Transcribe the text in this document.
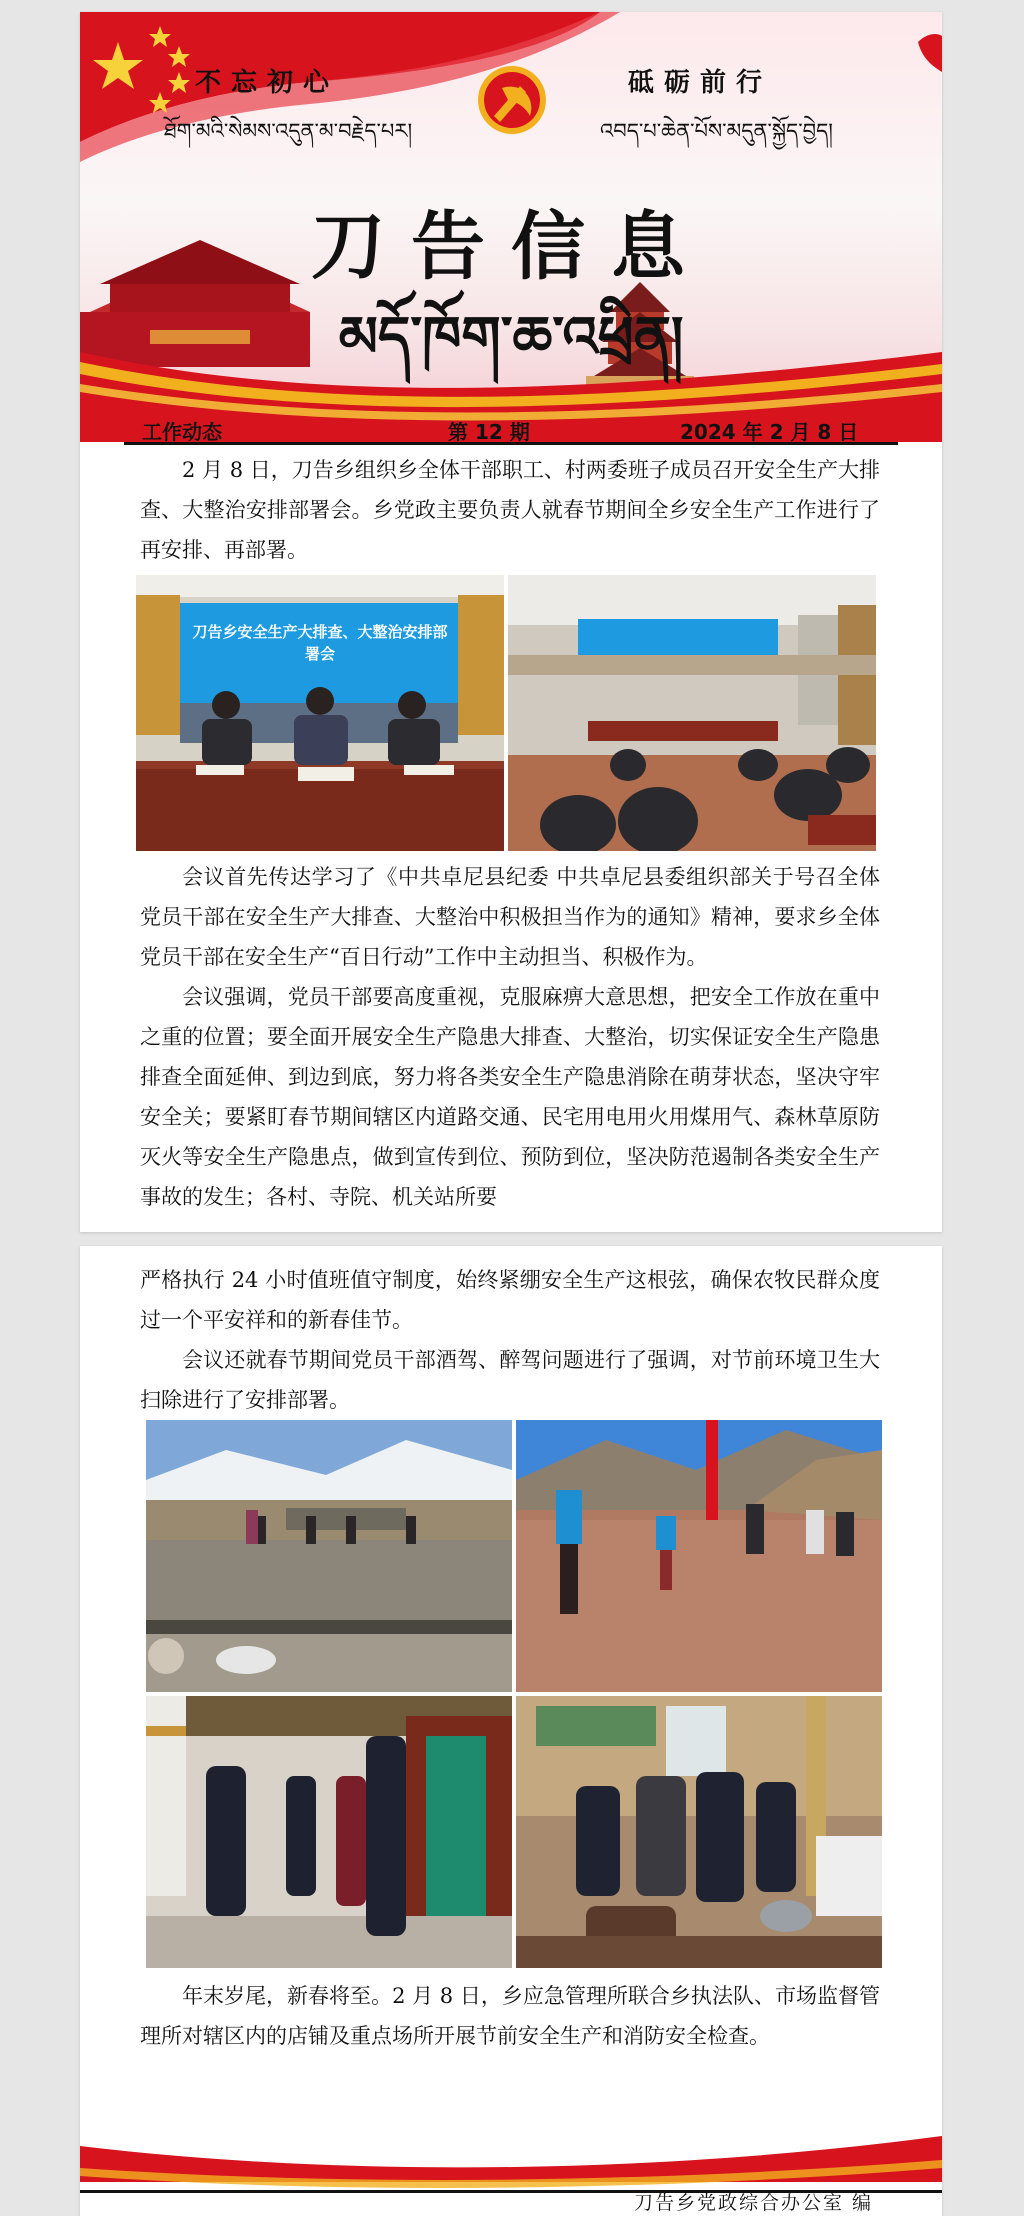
不忘初心	砥砺前行
ཐོག་མའི་སེམས་འདུན་མ་བརྗེད་པར།	འབད་པ་ཆེན་པོས་མདུན་སྐྱོད་བྱེད།
刀告信息
མདོ་ཁོག་ཆ་འཕྲིན།
工作动态	第 12 期	2024 年 2 月 8 日

2 月 8 日，刀告乡组织乡全体干部职工、村两委班子成员召开安全生产大排查、大整治安排部署会。乡党政主要负责人就春节期间全乡安全生产工作进行了再安排、再部署。

刀告乡安全生产大排查、大整治安排部署会

会议首先传达学习了《中共卓尼县纪委 中共卓尼县委组织部关于号召全体党员干部在安全生产大排查、大整治中积极担当作为的通知》精神，要求乡全体党员干部在安全生产“百日行动”工作中主动担当、积极作为。

会议强调，党员干部要高度重视，克服麻痹大意思想，把安全工作放在重中之重的位置；要全面开展安全生产隐患大排查、大整治，切实保证安全生产隐患排查全面延伸、到边到底，努力将各类安全生产隐患消除在萌芽状态，坚决守牢安全关；要紧盯春节期间辖区内道路交通、民宅用电用火用煤用气、森林草原防灭火等安全生产隐患点，做到宣传到位、预防到位，坚决防范遏制各类安全生产事故的发生；各村、寺院、机关站所要

严格执行 24 小时值班值守制度，始终紧绷安全生产这根弦，确保农牧民群众度过一个平安祥和的新春佳节。

会议还就春节期间党员干部酒驾、醉驾问题进行了强调，对节前环境卫生大扫除进行了安排部署。

年末岁尾，新春将至。2 月 8 日，乡应急管理所联合乡执法队、市场监督管理所对辖区内的店铺及重点场所开展节前安全生产和消防安全检查。

刀告乡党政综合办公室 编
